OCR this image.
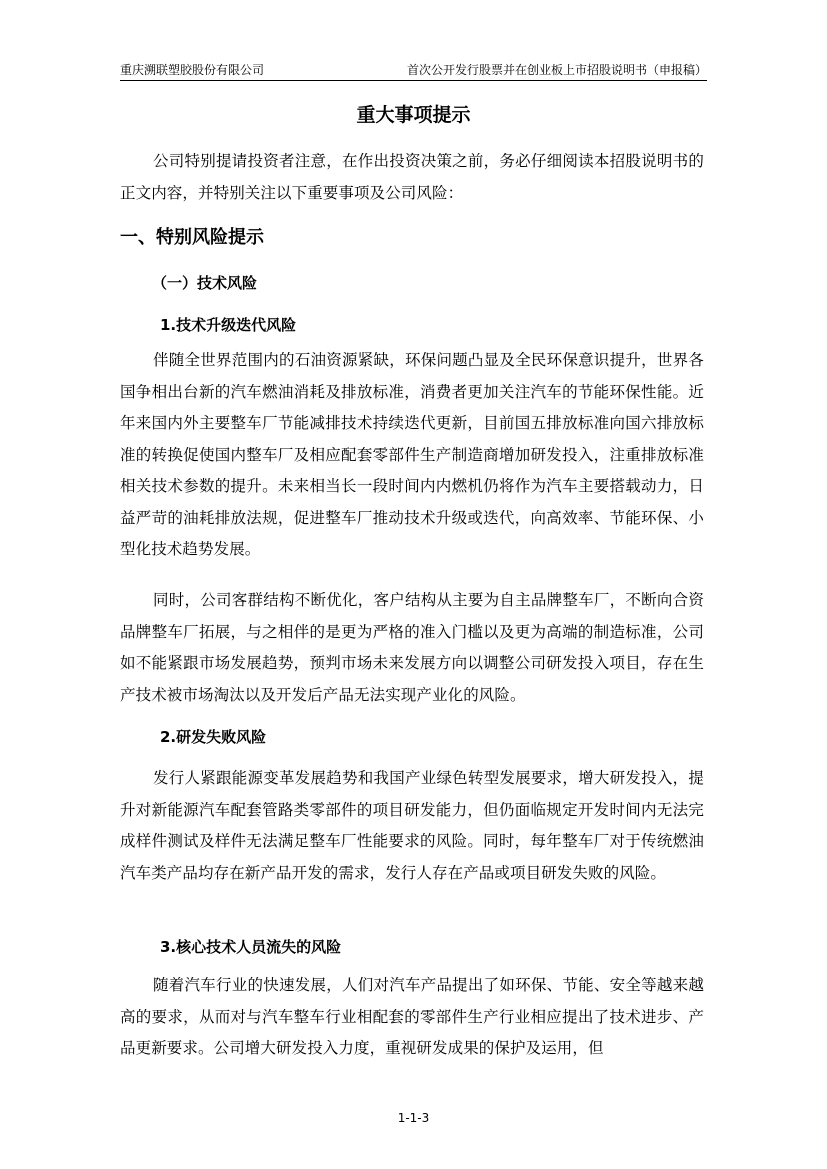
重庆溯联塑胶股份有限公司	首次公开发行股票并在创业板上市招股说明书（申报稿）
重大事项提示

公司特别提请投资者注意，在作出投资决策之前，务必仔细阅读本招股说明书的正文内容，并特别关注以下重要事项及公司风险：

一、特别风险提示
（一）技术风险
1.技术升级迭代风险

伴随全世界范围内的石油资源紧缺，环保问题凸显及全民环保意识提升，世界各国争相出台新的汽车燃油消耗及排放标准，消费者更加关注汽车的节能环保性能。近年来国内外主要整车厂节能减排技术持续迭代更新，目前国五排放标准向国六排放标准的转换促使国内整车厂及相应配套零部件生产制造商增加研发投入，注重排放标准相关技术参数的提升。未来相当长一段时间内内燃机仍将作为汽车主要搭载动力，日益严苛的油耗排放法规，促进整车厂推动技术升级或迭代，向高效率、节能环保、小型化技术趋势发展。

同时，公司客群结构不断优化，客户结构从主要为自主品牌整车厂，不断向合资品牌整车厂拓展，与之相伴的是更为严格的准入门槛以及更为高端的制造标准，公司如不能紧跟市场发展趋势，预判市场未来发展方向以调整公司研发投入项目，存在生产技术被市场淘汰以及开发后产品无法实现产业化的风险。

2.研发失败风险

发行人紧跟能源变革发展趋势和我国产业绿色转型发展要求，增大研发投入，提升对新能源汽车配套管路类零部件的项目研发能力，但仍面临规定开发时间内无法完成样件测试及样件无法满足整车厂性能要求的风险。同时，每年整车厂对于传统燃油汽车类产品均存在新产品开发的需求，发行人存在产品或项目研发失败的风险。

3.核心技术人员流失的风险

随着汽车行业的快速发展，人们对汽车产品提出了如环保、节能、安全等越来越高的要求，从而对与汽车整车行业相配套的零部件生产行业相应提出了技术进步、产品更新要求。公司增大研发投入力度，重视研发成果的保护及运用，但

1-1-3
